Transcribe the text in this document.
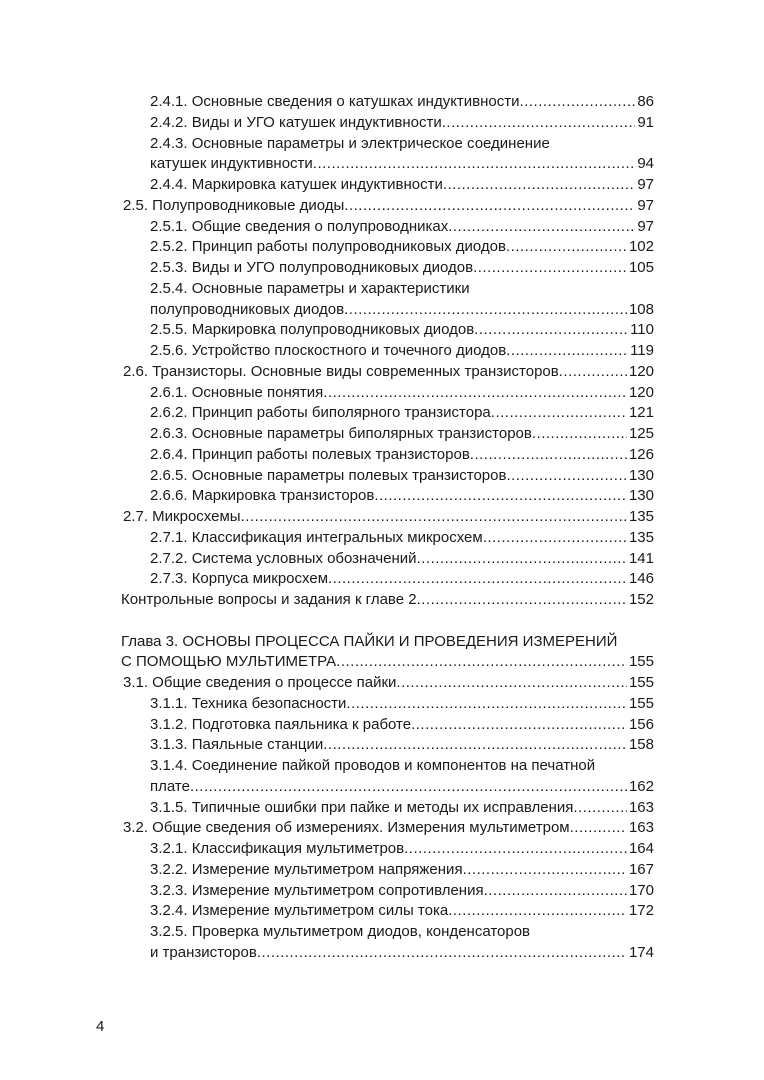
2.4.1. Основные сведения о катушках индуктивности .....	86
2.4.2. Виды и УГО катушек индуктивности .....	91
2.4.3. Основные параметры и электрическое соединение
катушек индуктивности .....	94
2.4.4. Маркировка катушек индуктивности .....	97
2.5. Полупроводниковые диоды .....	97
2.5.1. Общие сведения о полупроводниках .....	97
2.5.2. Принцип работы полупроводниковых диодов .....	102
2.5.3. Виды и УГО полупроводниковых диодов .....	105
2.5.4. Основные параметры и характеристики
полупроводниковых диодов .....	108
2.5.5. Маркировка полупроводниковых диодов .....	110
2.5.6. Устройство плоскостного и точечного диодов .....	119
2.6. Транзисторы. Основные виды современных транзисторов .....	120
2.6.1. Основные понятия .....	120
2.6.2. Принцип работы биполярного транзистора .....	121
2.6.3. Основные параметры биполярных транзисторов .....	125
2.6.4. Принцип работы полевых транзисторов .....	126
2.6.5. Основные параметры полевых транзисторов .....	130
2.6.6. Маркировка транзисторов .....	130
2.7. Микросхемы .....	135
2.7.1. Классификация интегральных микросхем .....	135
2.7.2. Система условных обозначений .....	141
2.7.3. Корпуса микросхем .....	146
Контрольные вопросы и задания к главе 2 .....	152
Глава 3. ОСНОВЫ ПРОЦЕССА ПАЙКИ И ПРОВЕДЕНИЯ ИЗМЕРЕНИЙ
С ПОМОЩЬЮ МУЛЬТИМЕТРА .....	155
3.1. Общие сведения о процессе пайки .....	155
3.1.1. Техника безопасности .....	155
3.1.2. Подготовка паяльника к работе .....	156
3.1.3. Паяльные станции .....	158
3.1.4. Соединение пайкой проводов и компонентов на печатной
плате .....	162
3.1.5. Типичные ошибки при пайке и методы их исправления .....	163
3.2. Общие сведения об измерениях. Измерения мультиметром .....	163
3.2.1. Классификация мультиметров .....	164
3.2.2. Измерение мультиметром напряжения .....	167
3.2.3. Измерение мультиметром сопротивления .....	170
3.2.4. Измерение мультиметром силы тока .....	172
3.2.5. Проверка мультиметром диодов, конденсаторов
и транзисторов .....	174
4
